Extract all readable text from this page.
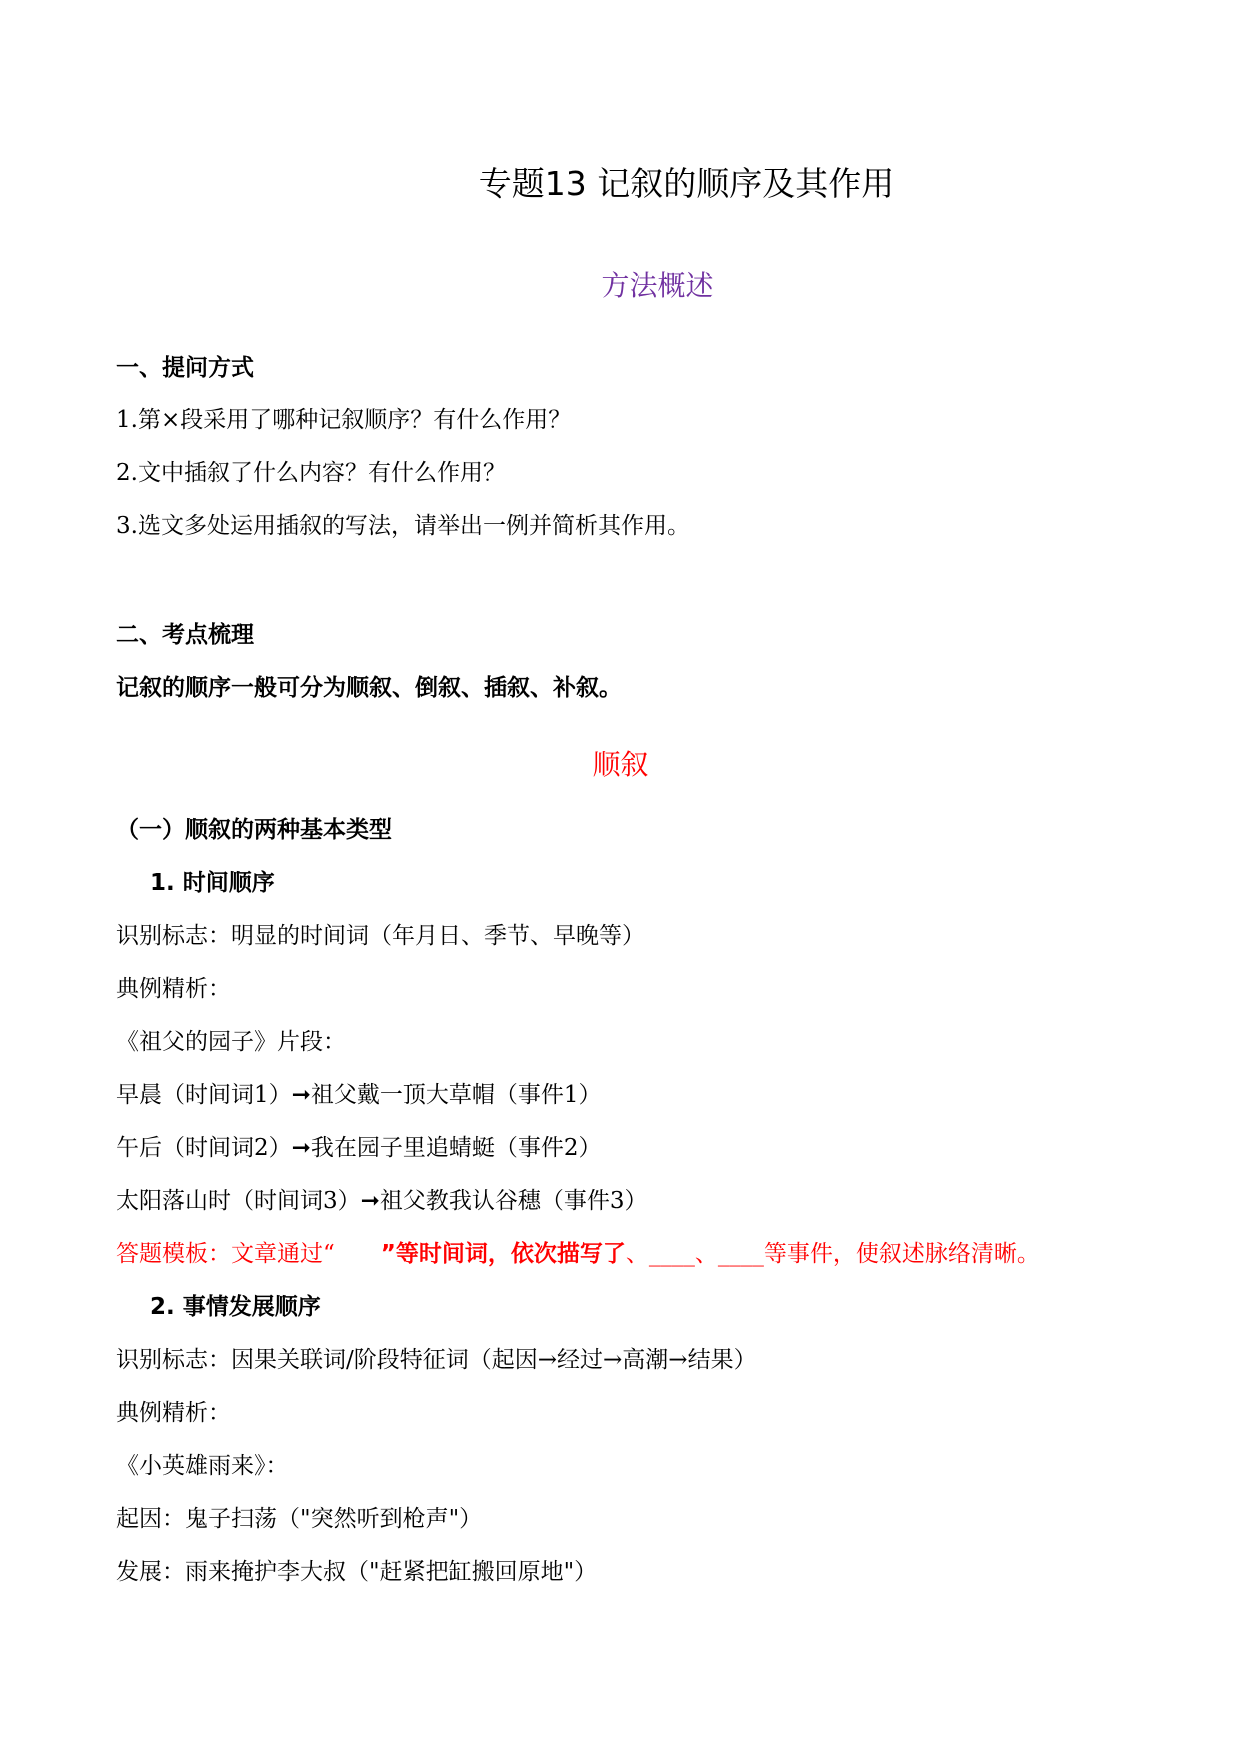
专题13 记叙的顺序及其作用
方法概述
一、提问方式
1.第×段采用了哪种记叙顺序？有什么作用？
2.文中插叙了什么内容？有什么作用？
3.选文多处运用插叙的写法，请举出一例并简析其作用。
二、考点梳理
记叙的顺序一般可分为顺叙、倒叙、插叙、补叙。
顺叙
（一）顺叙的两种基本类型
1. 时间顺序
识别标志：明显的时间词（年月日、季节、早晚等）
典例精析：
《祖父的园子》片段：
早晨（时间词1）➞祖父戴一顶大草帽（事件1）
午后（时间词2）➞我在园子里追蜻蜓（事件2）
太阳落山时（时间词3）➞祖父教我认谷穗（事件3）
答题模板：文章通过“　　 ”等时间词，依次描写了、____、____等事件，使叙述脉络清晰。
2. 事情发展顺序
识别标志：因果关联词/阶段特征词（起因→经过→高潮→结果）
典例精析：
《小英雄雨来》：
起因：鬼子扫荡（"突然听到枪声"）
发展：雨来掩护李大叔（"赶紧把缸搬回原地"）
